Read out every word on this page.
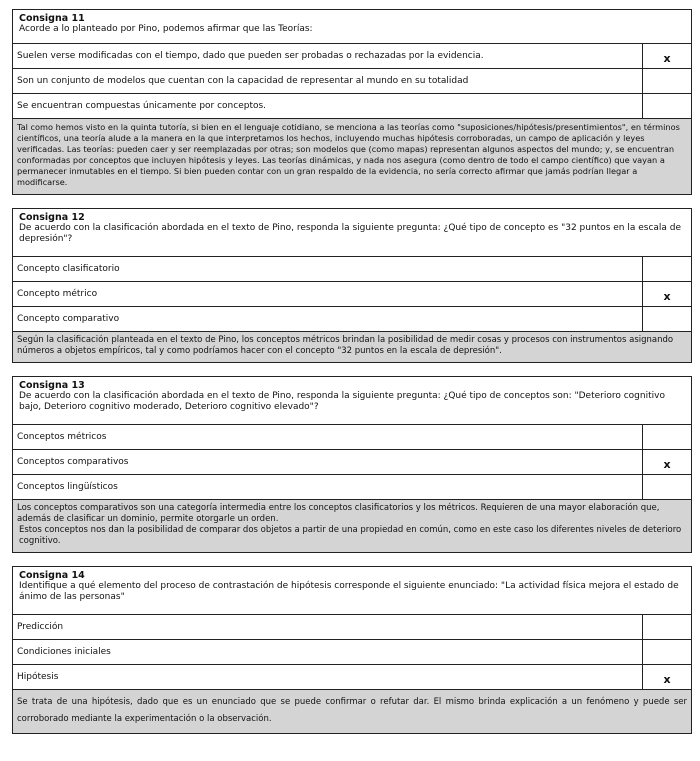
Consigna 11
Acorde a lo planteado por Pino, podemos afirmar que las Teorías:
Suelen verse modificadas con el tiempo, dado que pueden ser probadas o rechazadas por la evidencia.	x
Son un conjunto de modelos que cuentan con la capacidad de representar al mundo en su totalidad
Se encuentran compuestas únicamente por conceptos.
Tal como hemos visto en la quinta tutoría, si bien en el lenguaje cotidiano, se menciona a las teorías como "suposiciones/hipótesis/presentimientos", en términos científicos, una teoría alude a la manera en la que interpretamos los hechos, incluyendo muchas hipótesis corroboradas, un campo de aplicación y leyes verificadas. Las teorías: pueden caer y ser reemplazadas por otras; son modelos que (como mapas) representan algunos aspectos del mundo; y, se encuentran conformadas por conceptos que incluyen hipótesis y leyes. Las teorías dinámicas, y nada nos asegura (como dentro de todo el campo científico) que vayan a permanecer inmutables en el tiempo. Si bien pueden contar con un gran respaldo de la evidencia, no sería correcto afirmar que jamás podrían llegar a modificarse.
Consigna 12
De acuerdo con la clasificación abordada en el texto de Pino, responda la siguiente pregunta: ¿Qué tipo de concepto es "32 puntos en la escala de depresión"?
Concepto clasificatorio
Concepto métrico	x
Concepto comparativo
Según la clasificación planteada en el texto de Pino, los conceptos métricos brindan la posibilidad de medir cosas y procesos con instrumentos asignando números a objetos empíricos, tal y como podríamos hacer con el concepto "32 puntos en la escala de depresión".
Consigna 13
De acuerdo con la clasificación abordada en el texto de Pino, responda la siguiente pregunta: ¿Qué tipo de conceptos son: "Deterioro cognitivo bajo, Deterioro cognitivo moderado, Deterioro cognitivo elevado"?
Conceptos métricos
Conceptos comparativos	x
Conceptos lingüísticos
Los conceptos comparativos son una categoría intermedia entre los conceptos clasificatorios y los métricos. Requieren de una mayor elaboración que, además de clasificar un dominio, permite otorgarle un orden.
Estos conceptos nos dan la posibilidad de comparar dos objetos a partir de una propiedad en común, como en este caso los diferentes niveles de deterioro cognitivo.
Consigna 14
Identifique a qué elemento del proceso de contrastación de hipótesis corresponde el siguiente enunciado: "La actividad física mejora el estado de ánimo de las personas"
Predicción
Condiciones iniciales
Hipótesis	x
Se trata de una hipótesis, dado que es un enunciado que se puede confirmar o refutar dar. El mismo brinda explicación a un fenómeno y puede ser corroborado mediante la experimentación o la observación.
